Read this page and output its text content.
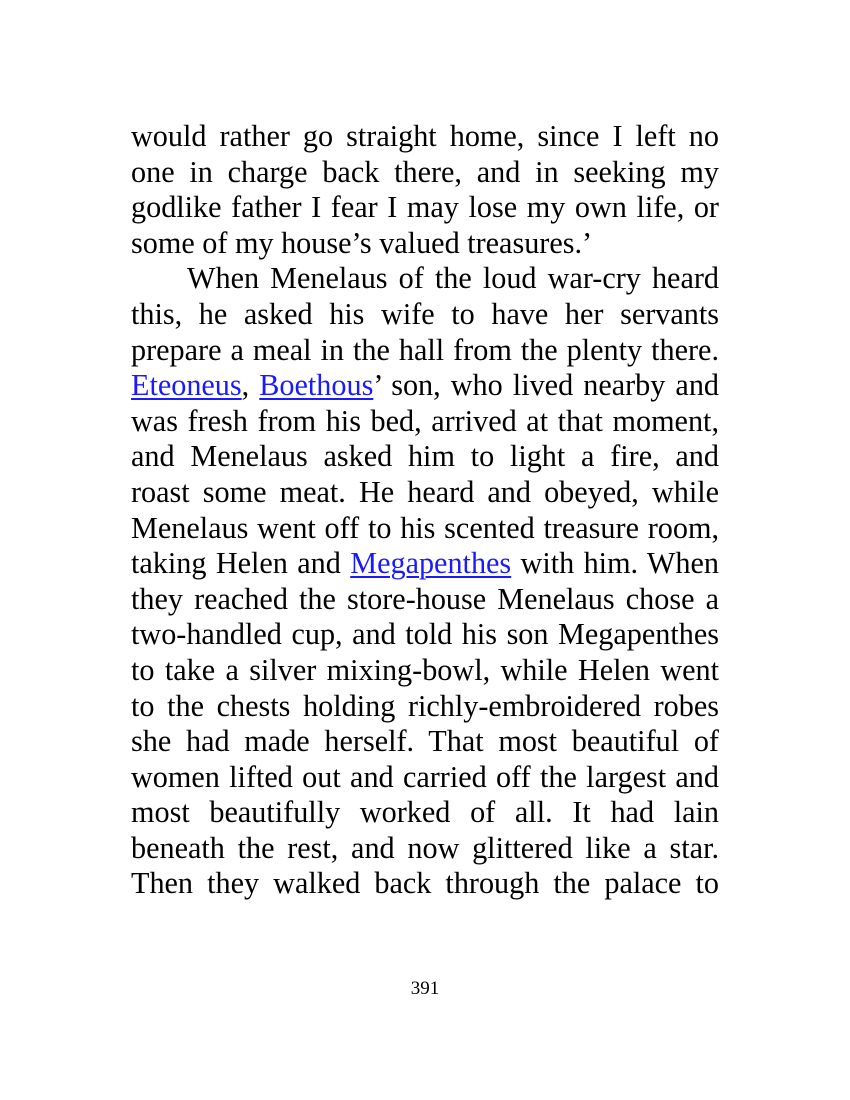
would rather go straight home, since I left no
one in charge back there, and in seeking my
godlike father I fear I may lose my own life, or
some of my house’s valued treasures.’
When Menelaus of the loud war-cry heard
this, he asked his wife to have her servants
prepare a meal in the hall from the plenty there.
Eteoneus, Boethous’ son, who lived nearby and
was fresh from his bed, arrived at that moment,
and Menelaus asked him to light a fire, and
roast some meat. He heard and obeyed, while
Menelaus went off to his scented treasure room,
taking Helen and Megapenthes with him. When
they reached the store-house Menelaus chose a
two-handled cup, and told his son Megapenthes
to take a silver mixing-bowl, while Helen went
to the chests holding richly-embroidered robes
she had made herself. That most beautiful of
women lifted out and carried off the largest and
most beautifully worked of all. It had lain
beneath the rest, and now glittered like a star.
Then they walked back through the palace to
391
